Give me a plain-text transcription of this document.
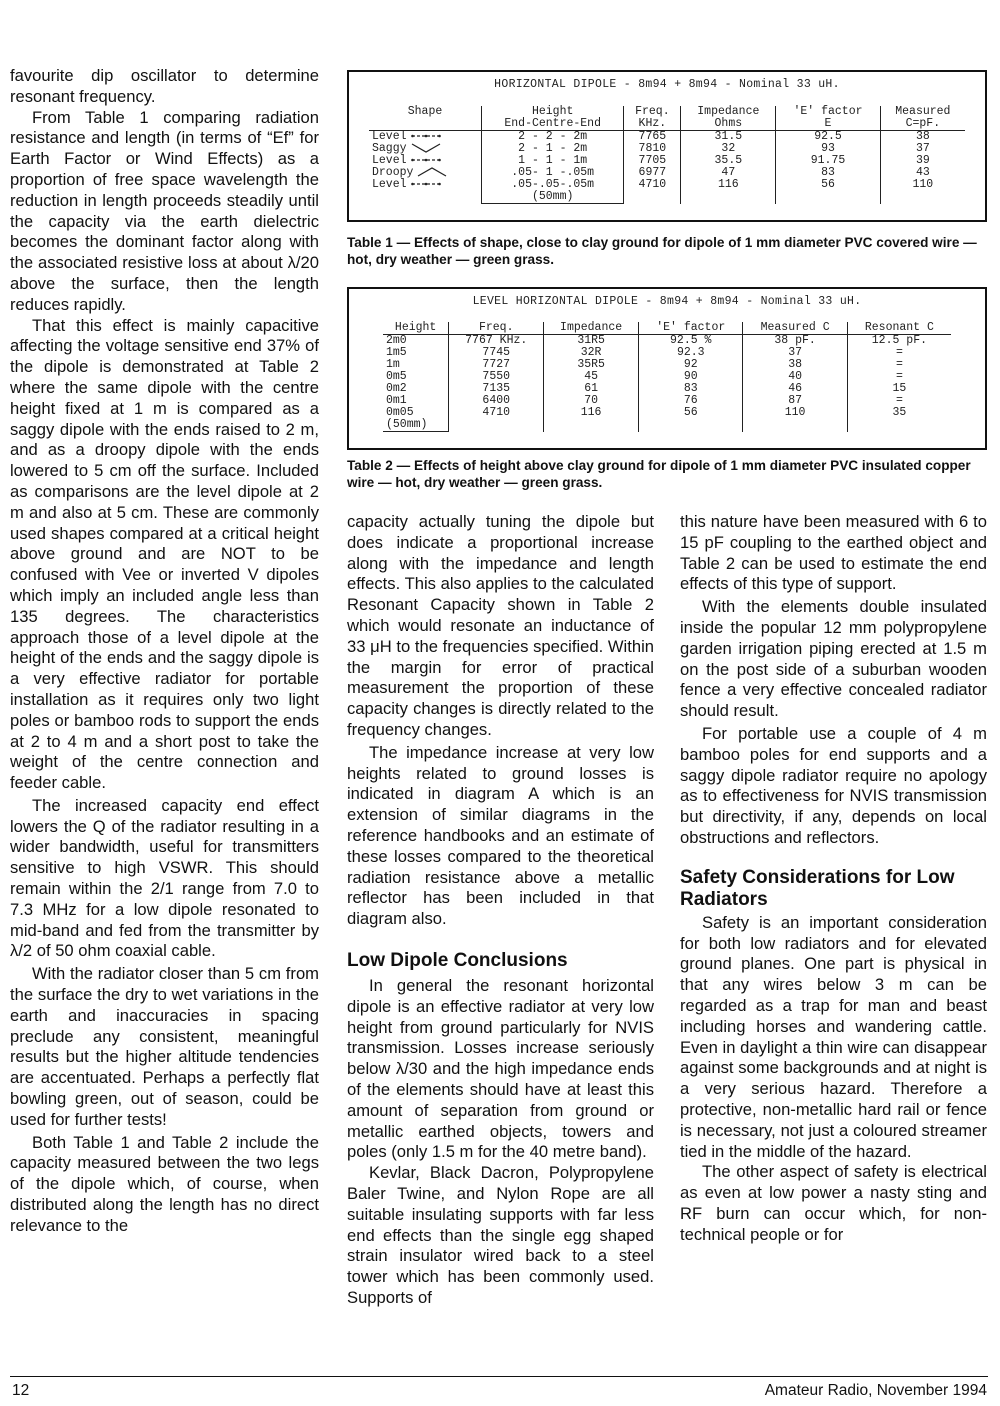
favourite dip oscillator to determine resonant frequency.

From Table 1 comparing radiation resistance and length (in terms of “Ef” for Earth Factor or Wind Effects) as a proportion of free space wavelength the reduction in length proceeds steadily until the capacity via the earth dielectric becomes the dominant factor along with the associated resistive loss at about λ/20 above the surface, then the length reduces rapidly.

That this effect is mainly capacitive affecting the voltage sensitive end 37% of the dipole is demonstrated at Table 2 where the same dipole with the centre height fixed at 1 m is compared as a saggy dipole with the ends raised to 2 m, and as a droopy dipole with the ends lowered to 5 cm off the surface. Included as comparisons are the level dipole at 2 m and also at 5 cm. These are commonly used shapes compared at a critical height above ground and are NOT to be confused with Vee or inverted V dipoles which imply an included angle less than 135 degrees. The characteristics approach those of a level dipole at the height of the ends and the saggy dipole is a very effective radiator for portable installation as it requires only two light poles or bamboo rods to support the ends at 2 to 4 m and a short post to take the weight of the centre connection and feeder cable.

The increased capacity end effect lowers the Q of the radiator resulting in a wider bandwidth, useful for transmitters sensitive to high VSWR. This should remain within the 2/1 range from 7.0 to 7.3 MHz for a low dipole resonated to mid-band and fed from the transmitter by λ/2 of 50 ohm coaxial cable.

With the radiator closer than 5 cm from the surface the dry to wet variations in the earth and inaccuracies in spacing preclude any consistent, meaningful results but the higher altitude tendencies are accentuated. Perhaps a perfectly flat bowling green, out of season, could be used for further tests!

Both Table 1 and Table 2 include the capacity measured between the two legs of the dipole which, of course, when distributed along the length has no direct relevance to the

HORIZONTAL DIPOLE - 8m94 + 8m94 - Nominal 33 uH.
Shape	Height	Freq.	Impedance	'E' factor	Measured
	End-Centre-End	KHz.	Ohms	E	C=pF.
Level	2 - 2 - 2m	7765	31.5	92.5	38
Saggy	2 - 1 - 2m	7810	32	93	37
Level	1 - 1 - 1m	7705	35.5	91.75	39
Droopy	.05- 1 -.05m	6977	47	83	43
Level	.05-.05-.05m	4710	116	56	110
	(50mm)				
Table 1 — Effects of shape, close to clay ground for dipole of 1 mm diameter PVC covered wire — hot, dry weather — green grass.
LEVEL HORIZONTAL DIPOLE - 8m94 + 8m94 - Nominal 33 uH.
Height	Freq.	Impedance	'E' factor	Measured C	Resonant C
2m0	7767 KHz.	31R5	92.5 %	38 pF.	12.5 pF.
1m5	7745	32R	92.3	37	=
1m	7727	35R5	92	38	=
0m5	7550	45	90	40	=
0m2	7135	61	83	46	15
0m1	6400	70	76	87	=
0m05	4710	116	56	110	35
(50mm)					
Table 2 — Effects of height above clay ground for dipole of 1 mm diameter PVC insulated copper wire — hot, dry weather — green grass.

capacity actually tuning the dipole but does indicate a proportional increase along with the impedance and length effects. This also applies to the calculated Resonant Capacity shown in Table 2 which would resonate an inductance of 33 μH to the frequencies specified. Within the margin for error of practical measurement the proportion of these capacity changes is directly related to the frequency changes.

The impedance increase at very low heights related to ground losses is indicated in diagram A which is an extension of similar diagrams in the reference handbooks and an estimate of these losses compared to the theoretical radiation resistance above a metallic reflector has been included in that diagram also.

Low Dipole Conclusions

In general the resonant horizontal dipole is an effective radiator at very low height from ground particularly for NVIS transmission. Losses increase seriously below λ/30 and the high impedance ends of the elements should have at least this amount of separation from ground or metallic earthed objects, towers and poles (only 1.5 m for the 40 metre band).

Kevlar, Black Dacron, Polypropylene Baler Twine, and Nylon Rope are all suitable insulating supports with far less end effects than the single egg shaped strain insulator wired back to a steel tower which has been commonly used. Supports of

this nature have been measured with 6 to 15 pF coupling to the earthed object and Table 2 can be used to estimate the end effects of this type of support.

With the elements double insulated inside the popular 12 mm polypropylene garden irrigation piping erected at 1.5 m on the post side of a suburban wooden fence a very effective concealed radiator should result.

For portable use a couple of 4 m bamboo poles for end supports and a saggy dipole radiator require no apology as to effectiveness for NVIS transmission but directivity, if any, depends on local obstructions and reflectors.

Safety Considerations for Low Radiators

Safety is an important consideration for both low radiators and for elevated ground planes. One part is physical in that any wires below 3 m can be regarded as a trap for man and beast including horses and wandering cattle. Even in daylight a thin wire can disappear against some backgrounds and at night is a very serious hazard. Therefore a protective, non-metallic hard rail or fence is necessary, not just a coloured streamer tied in the middle of the hazard.

The other aspect of safety is electrical as even at low power a nasty sting and RF burn can occur which, for non-technical people or for

12	Amateur Radio, November 1994
